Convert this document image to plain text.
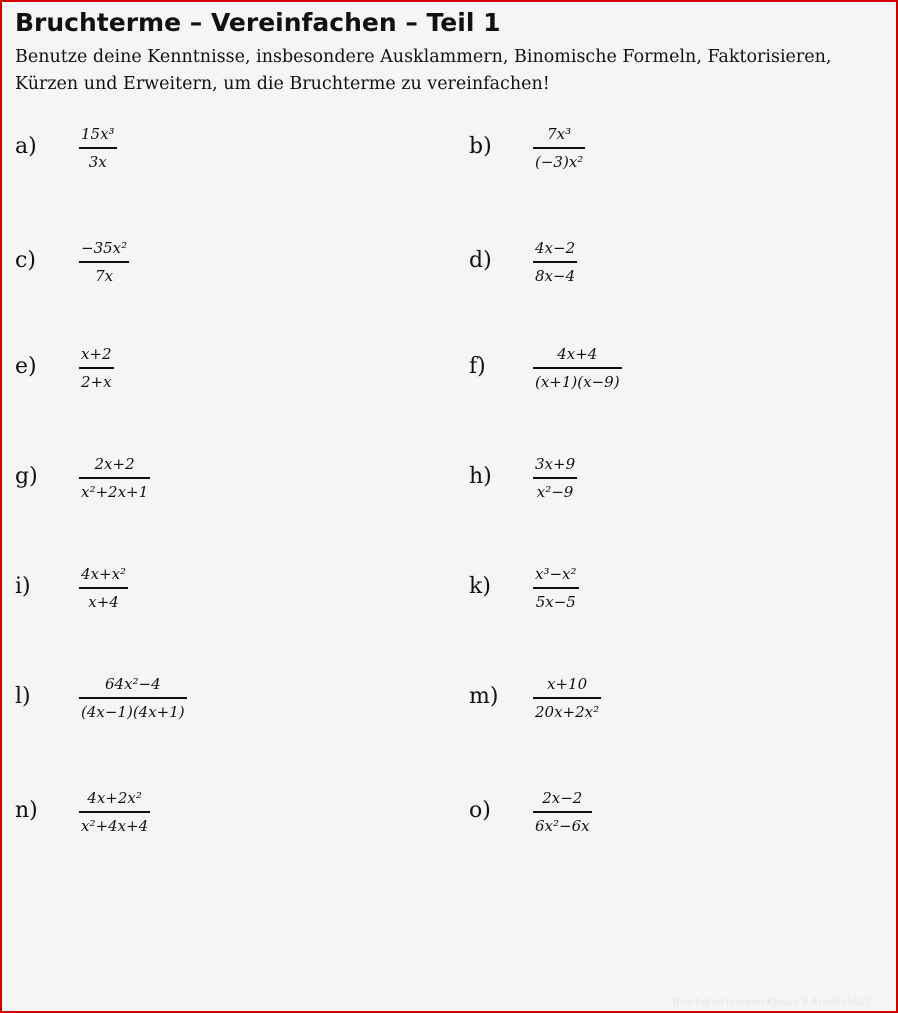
Bruchterme – Vereinfachen – Teil 1
Benutze deine Kenntnisse, insbesondere Ausklammern, Binomische Formeln, Faktorisieren, Kürzen und Erweitern, um die Bruchterme zu vereinfachen!
a)	15x³
3x
c)	−35x²
7x
e)	x+2
2+x
g)	2x+2
x²+2x+1
i)	4x+x²
x+4
l)	64x²−4
(4x−1)(4x+1)
n)	4x+2x²
x²+4x+4
b)	7x³
(−3)x²
d)	4x−2
8x−4
f)	4x+4
(x+1)(x−9)
h)	3x+9
x²−9
k)	x³−x²
5x−5
m)	x+10
20x+2x²
o)	2x−2
6x²−6x
Bruchgleichungen Klasse 8 Arbeitsblatt
